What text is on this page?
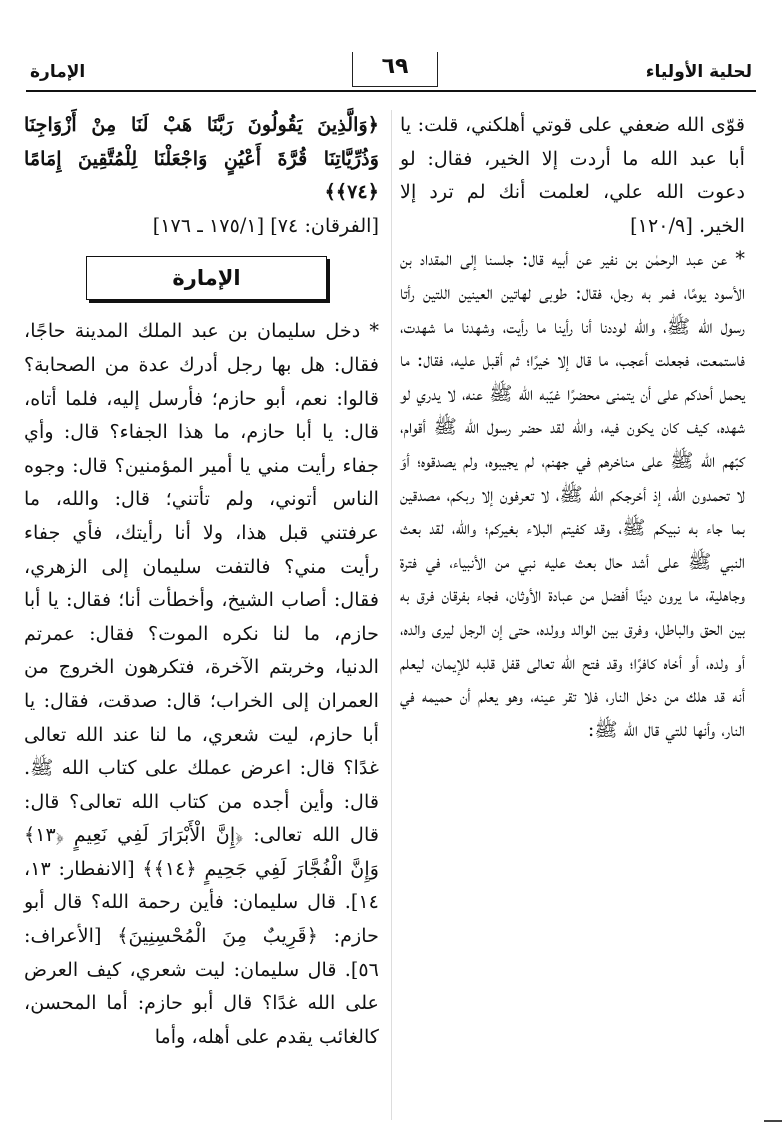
لحلية الأولياء
٦٩
الإمارة

قوّى الله ضعفي على قوتي أهلكني، قلت: يا أبا عبد الله ما أردت إلا الخير، فقال: لو دعوت الله علي، لعلمت أنك لم ترد إلا الخير. [١٢٠/٩]

* عن عبد الرحمٰن بن نفير عن أبيه قال: جلسنا إلى المقداد بن الأسود يومًا، فمر به رجل، فقال: طوبى لهاتين العينين اللتين رأتا رسول الله ﷺ، والله لوددنا أنا رأينا ما رأيت، وشهدنا ما شهدت، فاستمعت، فجعلت أعجب، ما قال إلا خيرًا؛ ثم أقبل عليه، فقال: ما يحمل أحدكم على أن يتمنى محضرًا غيّبه الله ﷺ عنه، لا يدري لو شهده، كيف كان يكون فيه، والله لقد حضر رسول الله ﷺ أقوام، كبّهم الله ﷺ على مناخرهم في جهنم، لم يجيبوه، ولم يصدقوه؛ أوَ لا تحمدون الله، إذ أخرجكم الله ﷺ، لا تعرفون إلا ربكم، مصدقين بما جاء به نبيكم ﷺ، وقد كفيتم البلاء بغيركم؛ والله، لقد بعث النبي ﷺ على أشد حال بعث عليه نبي من الأنبياء، في فترة وجاهلية، ما يرون دينًا أفضل من عبادة الأوثان، فجاء بفرقان فرق به بين الحق والباطل، وفرق بين الوالد وولده، حتى إن الرجل ليرى والده، أو ولده، أو أخاه كافرًا؛ وقد فتح الله تعالى قفل قلبه للإيمان، ليعلم أنه قد هلك من دخل النار، فلا تقر عينه، وهو يعلم أن حميمه في النار، وأنها للتي قال الله ﷺ:

﴿وَالَّذِينَ يَقُولُونَ رَبَّنَا هَبْ لَنَا مِنْ أَزْوَاجِنَا وَذُرِّيَّاتِنَا قُرَّةَ أَعْيُنٍ وَاجْعَلْنَا لِلْمُتَّقِينَ إِمَامًا ﴿٧٤﴾﴾

[الفرقان: ٧٤] [١٧٥/١ ـ ١٧٦]

الإمارة

* دخل سليمان بن عبد الملك المدينة حاجًا، فقال: هل بها رجل أدرك عدة من الصحابة؟ قالوا: نعم، أبو حازم؛ فأرسل إليه، فلما أتاه، قال: يا أبا حازم، ما هذا الجفاء؟ قال: وأي جفاء رأيت مني يا أمير المؤمنين؟ قال: وجوه الناس أتوني، ولم تأتني؛ قال: والله، ما عرفتني قبل هذا، ولا أنا رأيتك، فأي جفاء رأيت مني؟ فالتفت سليمان إلى الزهري، فقال: أصاب الشيخ، وأخطأت أنا؛ فقال: يا أبا حازم، ما لنا نكره الموت؟ فقال: عمرتم الدنيا، وخربتم الآخرة، فتكرهون الخروج من العمران إلى الخراب؛ قال: صدقت، فقال: يا أبا حازم، ليت شعري، ما لنا عند الله تعالى غدًا؟ قال: اعرض عملك على كتاب الله ﷺ. قال: وأين أجده من كتاب الله تعالى؟ قال: قال الله تعالى: ﴿إِنَّ الْأَبْرَارَ لَفِي نَعِيمٍ ﴿١٣﴾ وَإِنَّ الْفُجَّارَ لَفِي جَحِيمٍ ﴿١٤﴾﴾ [الانفطار: ١٣، ١٤]. قال سليمان: فأين رحمة الله؟ قال أبو حازم: ﴿قَرِيبٌ مِنَ الْمُحْسِنِينَ﴾ [الأعراف: ٥٦]. قال سليمان: ليت شعري، كيف العرض على الله غدًا؟ قال أبو حازم: أما المحسن، كالغائب يقدم على أهله، وأما
